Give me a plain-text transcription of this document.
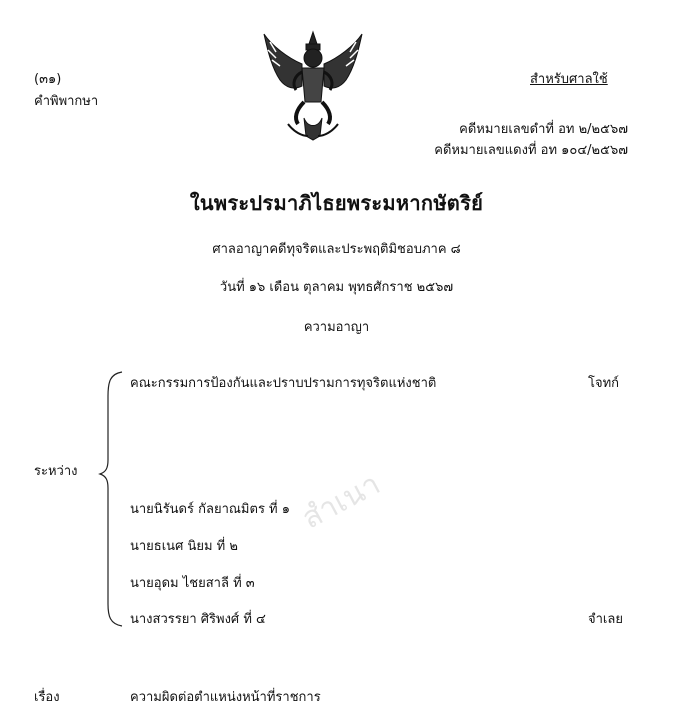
(๓๑)
คำพิพากษา
สำหรับศาลใช้
คดีหมายเลขดำที่ อท ๒/๒๕๖๗
คดีหมายเลขแดงที่ อท ๑๐๔/๒๕๖๗
ในพระปรมาภิไธยพระมหากษัตริย์
ศาลอาญาคดีทุจริตและประพฤติมิชอบภาค ๘
วันที่ ๑๖ เดือน ตุลาคม พุทธศักราช ๒๕๖๗
ความอาญา
ระหว่าง
คณะกรรมการป้องกันและปราบปรามการทุจริตแห่งชาติ	โจทก์
นายนิรันดร์ กัลยาณมิตร ที่ ๑
นายธเนศ นิยม ที่ ๒
นายอุดม ไชยสาลี ที่ ๓
นางสวรรยา ศิริพงศ์ ที่ ๔	จำเลย
สำเนา
เรื่อง	ความผิดต่อตำแหน่งหน้าที่ราชการ
